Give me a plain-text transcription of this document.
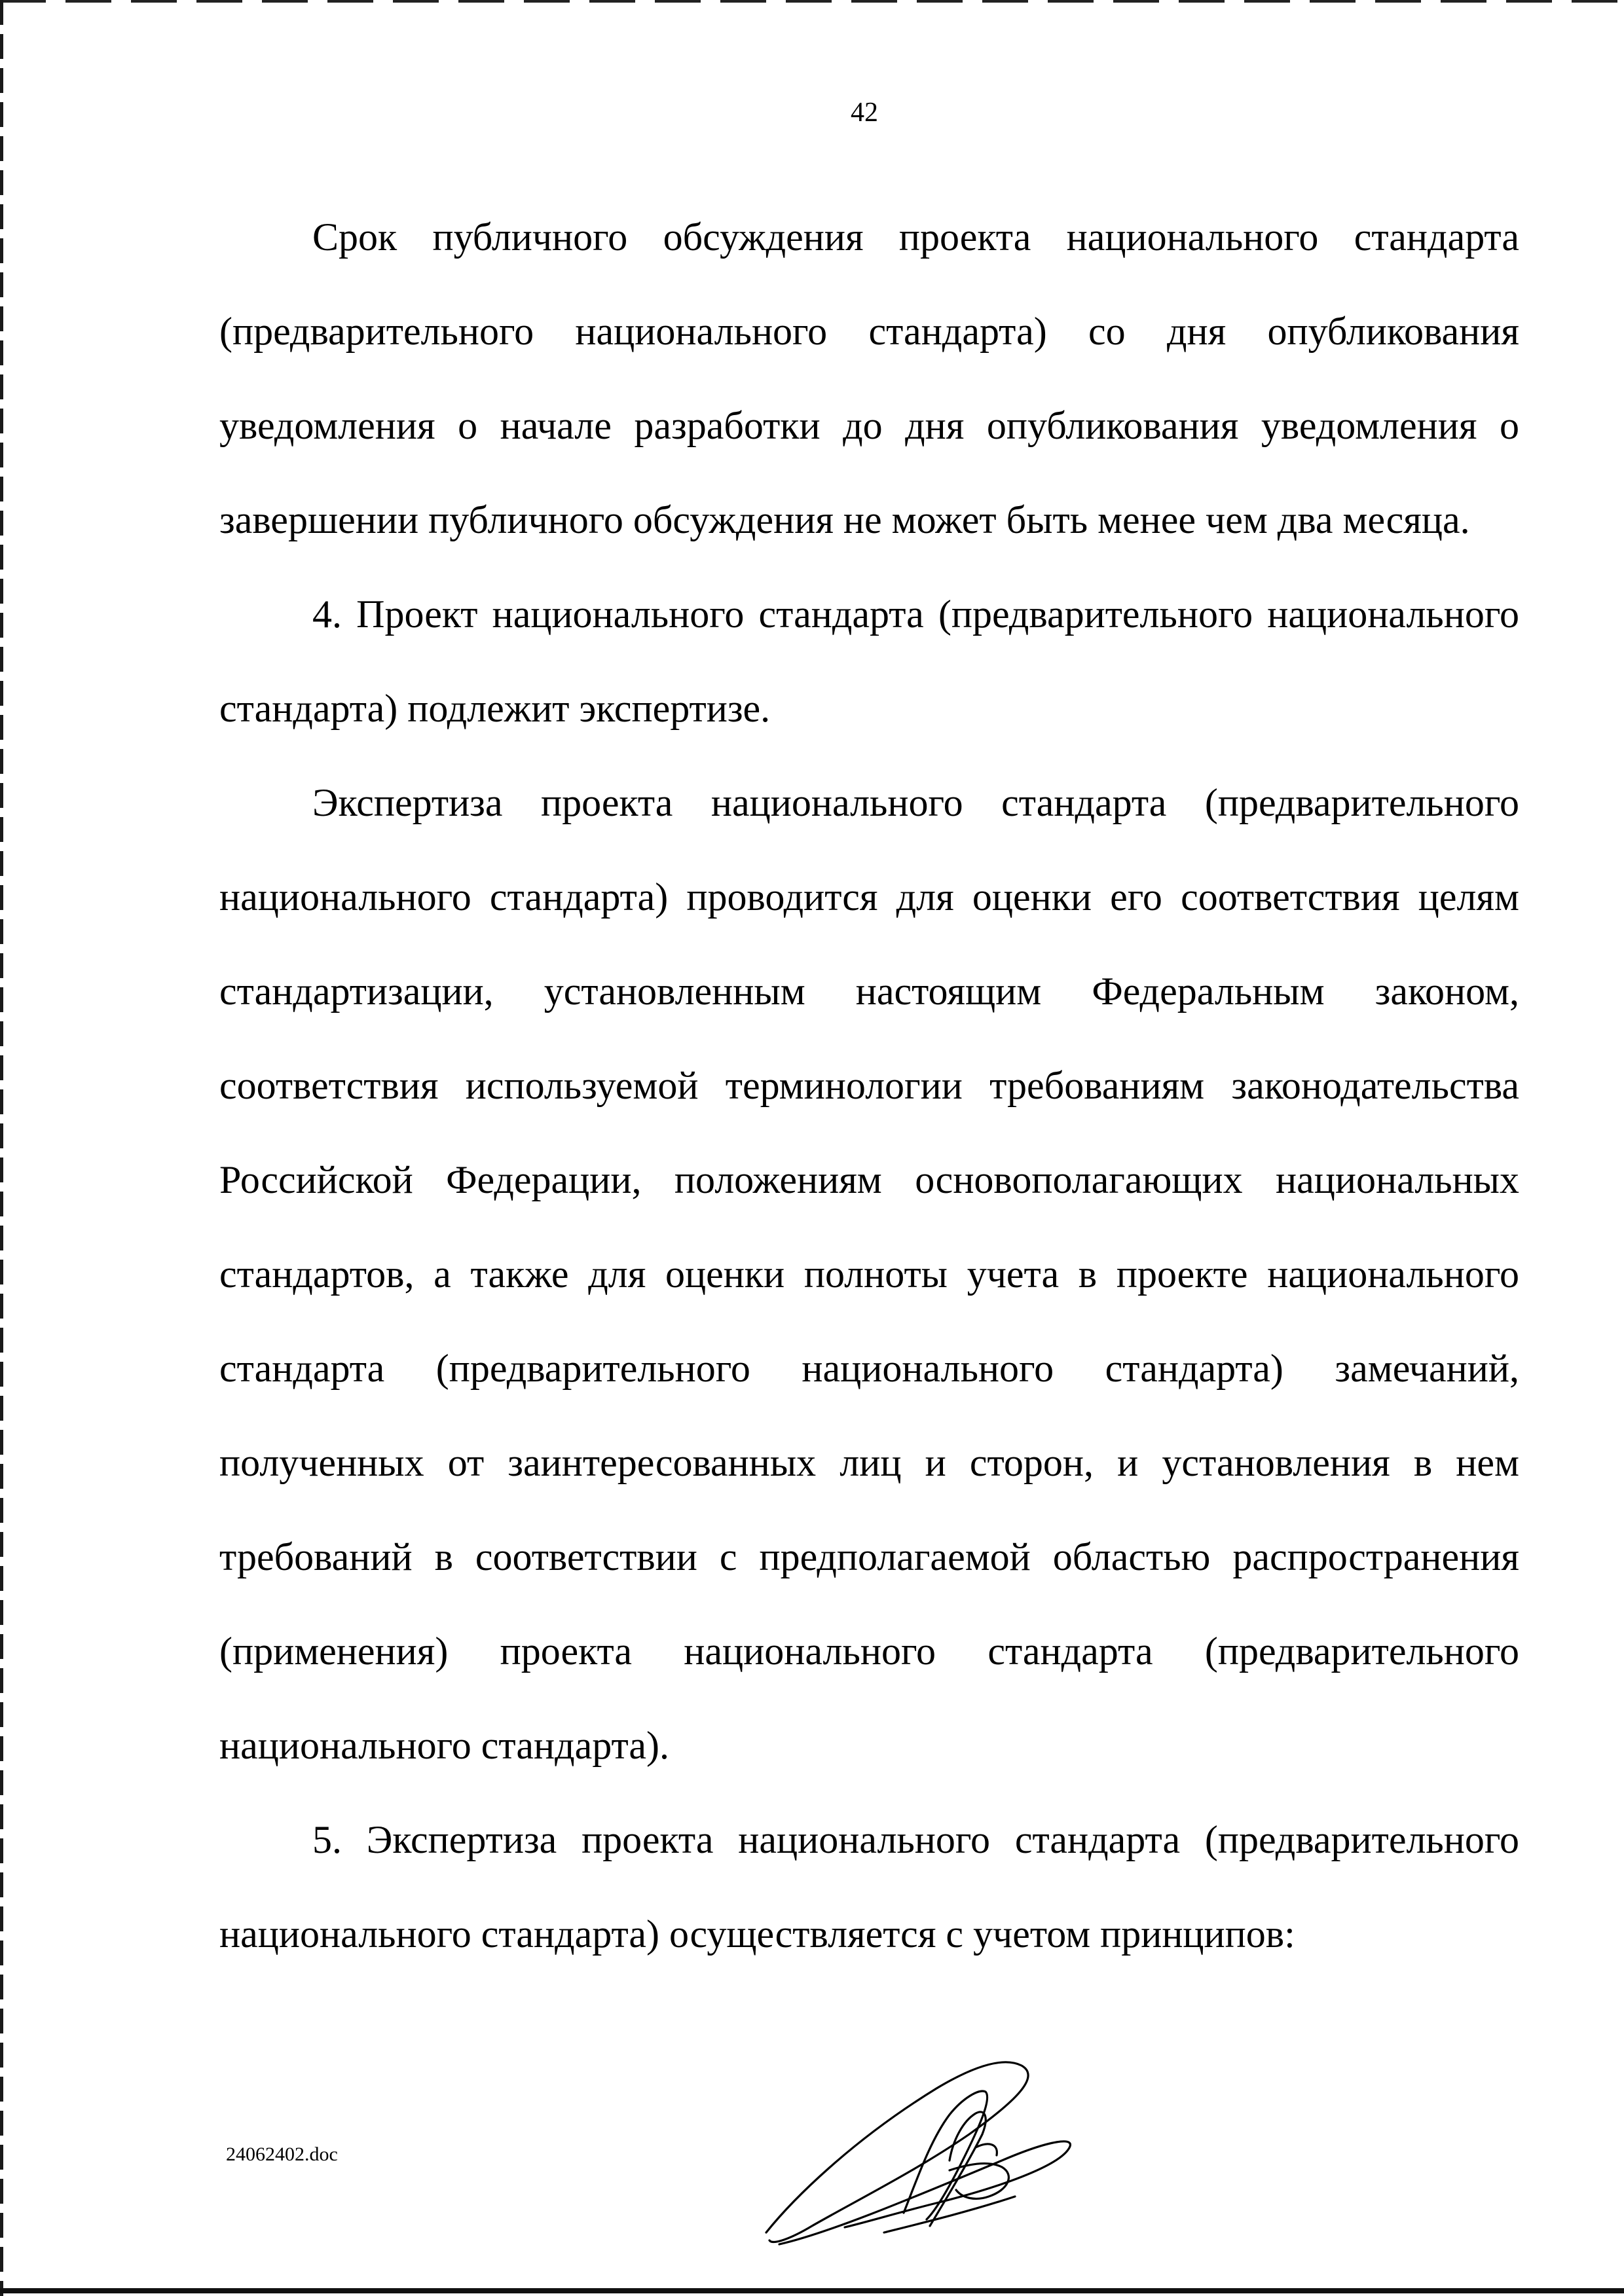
42

Срок публичного обсуждения проекта национального стандарта (предварительного национального стандарта) со дня опубликования уведомления о начале разработки до дня опубликования уведомления о завершении публичного обсуждения не может быть менее чем два месяца.

4. Проект национального стандарта (предварительного национального стандарта) подлежит экспертизе.

Экспертиза проекта национального стандарта (предварительного национального стандарта) проводится для оценки его соответствия целям стандартизации, установленным настоящим Федеральным законом, соответствия используемой терминологии требованиям законодательства Российской Федерации, положениям основополагающих национальных стандартов, а также для оценки полноты учета в проекте национального стандарта (предварительного национального стандарта) замечаний, полученных от заинтересованных лиц и сторон, и установления в нем требований в соответствии с предполагаемой областью распространения (применения) проекта национального стандарта (предварительного национального стандарта).

5. Экспертиза проекта национального стандарта (предварительного национального стандарта) осуществляется с учетом принципов:

24062402.doc
